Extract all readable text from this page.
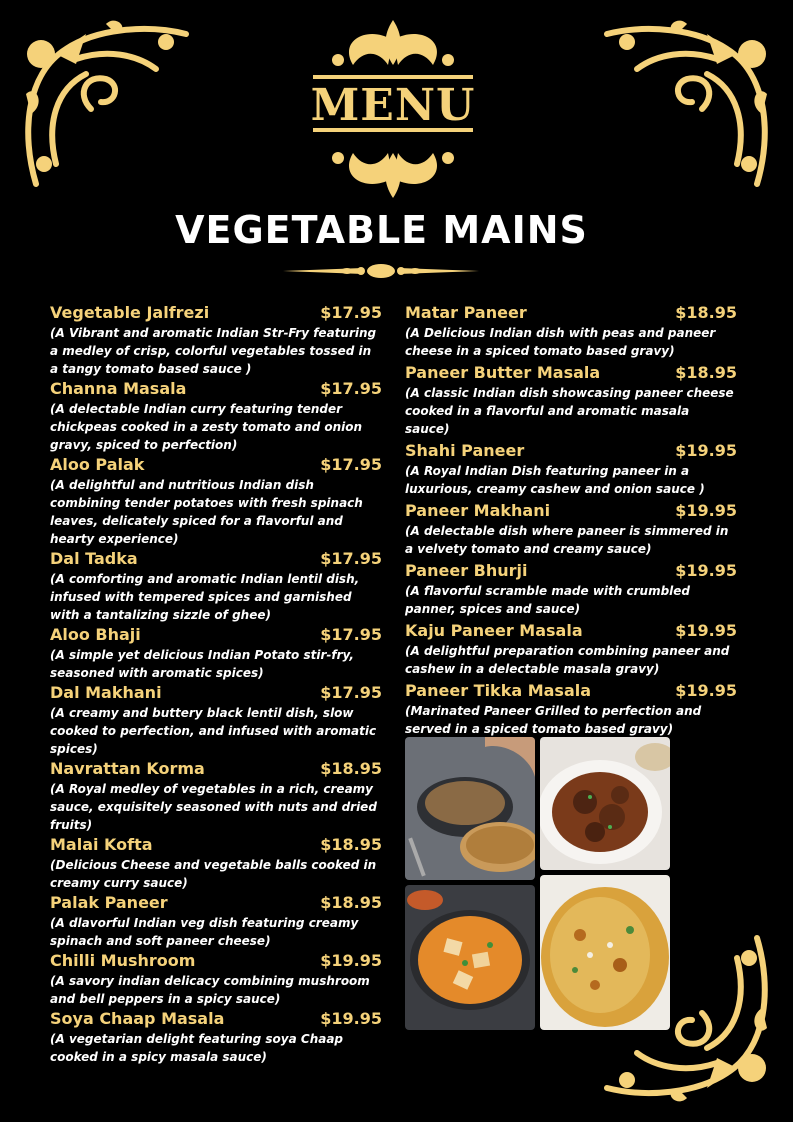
MENU
VEGETABLE MAINS
Vegetable Jalfrezi	$17.95
(A Vibrant and aromatic Indian Str-Fry featuring a medley of crisp, colorful vegetables tossed in a tangy tomato based sauce )
Channa Masala	$17.95
(A delectable Indian curry featuring tender chickpeas cooked in a zesty tomato and onion gravy, spiced to perfection)
Aloo Palak	$17.95
(A delightful and nutritious Indian dish combining tender potatoes with fresh spinach leaves, delicately spiced for a flavorful and hearty experience)
Dal Tadka	$17.95
(A comforting and aromatic Indian lentil dish, infused with tempered spices and garnished with a tantalizing sizzle of ghee)
Aloo Bhaji	$17.95
(A simple yet delicious Indian Potato stir-fry, seasoned with aromatic spices)
Dal Makhani	$17.95
(A creamy and buttery black lentil dish, slow cooked to perfection, and infused with aromatic spices)
Navrattan Korma	$18.95
(A Royal medley of vegetables in a rich, creamy sauce, exquisitely seasoned with nuts and dried fruits)
Malai Kofta	$18.95
(Delicious Cheese and vegetable balls cooked in creamy curry sauce)
Palak Paneer	$18.95
(A dlavorful Indian veg dish featuring creamy spinach and soft paneer cheese)
Chilli Mushroom	$19.95
(A savory indian delicacy combining mushroom and bell peppers in a spicy sauce)
Soya Chaap Masala	$19.95
(A vegetarian delight featuring soya Chaap cooked in a spicy masala sauce)
Matar Paneer	$18.95
(A Delicious Indian dish with peas and paneer cheese in a spiced tomato based gravy)
Paneer Butter Masala	$18.95
(A classic Indian dish showcasing paneer cheese cooked in a flavorful and aromatic masala sauce)
Shahi Paneer	$19.95
(A Royal Indian Dish featuring paneer in a luxurious, creamy cashew and onion sauce )
Paneer Makhani	$19.95
(A delectable dish where paneer is simmered in a velvety tomato and creamy sauce)
Paneer Bhurji	$19.95
(A flavorful scramble made with crumbled panner, spices and sauce)
Kaju Paneer Masala	$19.95
(A delightful preparation combining paneer and cashew in a delectable masala gravy)
Paneer Tikka Masala	$19.95
(Marinated Paneer Grilled to perfection and served in a spiced tomato based gravy)
